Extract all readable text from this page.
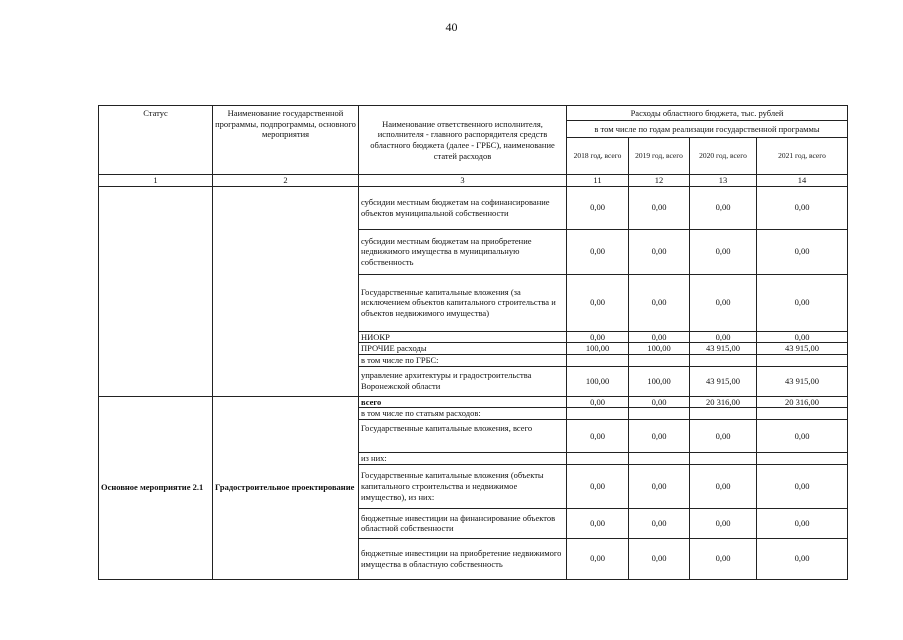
40
Статус	Наименование государственной программы, подпрограммы, основного мероприятия	Наименование ответственного исполнителя, исполнителя - главного распорядителя средств областного бюджета (далее - ГРБС), наименование статей расходов	Расходы областного бюджета, тыс. рублей			
			в том числе по годам реализации государственной программы			
			2018 год, всего	2019 год, всего	2020 год, всего	2021 год, всего
1	2	3	11	12	13	14
		субсидии местным бюджетам на софинансирование объектов муниципальной собственности	0,00	0,00	0,00	0,00
		субсидии местным бюджетам на приобретение недвижимого имущества в муниципальную собственность	0,00	0,00	0,00	0,00
		Государственные капитальные вложения (за исключением объектов капитального строительства и объектов недвижимого имущества)	0,00	0,00	0,00	0,00
		НИОКР	0,00	0,00	0,00	0,00
		ПРОЧИЕ расходы	100,00	100,00	43 915,00	43 915,00
		в том числе по ГРБС:				
		управление архитектуры и градостроительства Воронежской области	100,00	100,00	43 915,00	43 915,00
Основное мероприятие 2.1	Градостроительное проектирование	всего	0,00	0,00	20 316,00	20 316,00
		в том числе по статьям расходов:				
		Государственные капитальные вложения, всего	0,00	0,00	0,00	0,00
		из них:				
		Государственные капитальные вложения (объекты капитального строительства и недвижимое имущество), из них:	0,00	0,00	0,00	0,00
		бюджетные инвестиции на финансирование объектов областной собственности	0,00	0,00	0,00	0,00
		бюджетные инвестиции на приобретение недвижимого имущества в областную собственность	0,00	0,00	0,00	0,00
